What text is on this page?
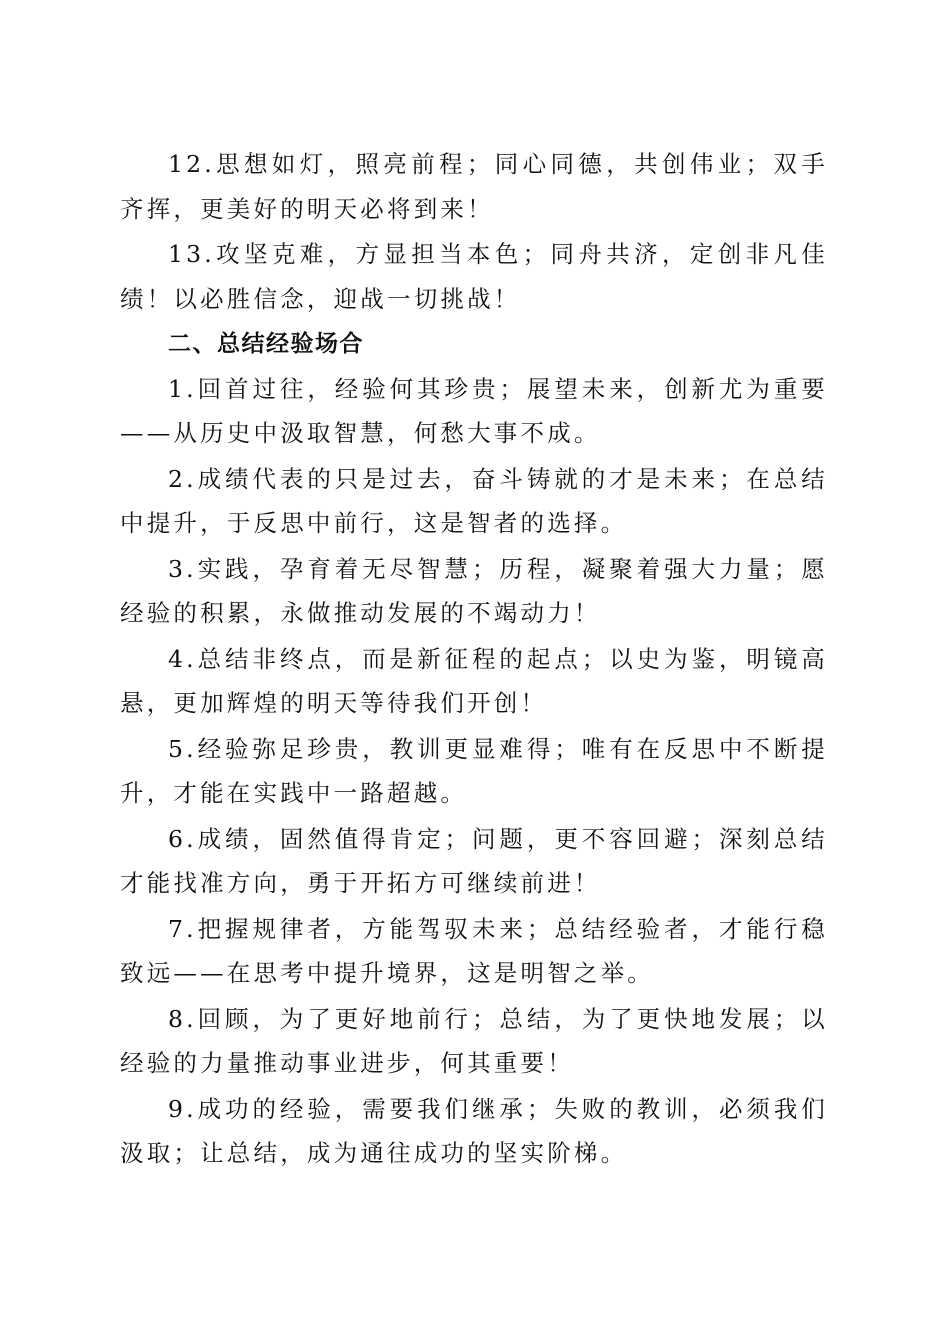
12.思想如灯，照亮前程；同心同德，共创伟业；双手齐挥，更美好的明天必将到来！

13.攻坚克难，方显担当本色；同舟共济，定创非凡佳绩！以必胜信念，迎战一切挑战！

二、总结经验场合

1.回首过往，经验何其珍贵；展望未来，创新尤为重要——从历史中汲取智慧，何愁大事不成。

2.成绩代表的只是过去，奋斗铸就的才是未来；在总结中提升，于反思中前行，这是智者的选择。

3.实践，孕育着无尽智慧；历程，凝聚着强大力量；愿经验的积累，永做推动发展的不竭动力！

4.总结非终点，而是新征程的起点；以史为鉴，明镜高悬，更加辉煌的明天等待我们开创！

5.经验弥足珍贵，教训更显难得；唯有在反思中不断提升，才能在实践中一路超越。

6.成绩，固然值得肯定；问题，更不容回避；深刻总结才能找准方向，勇于开拓方可继续前进！

7.把握规律者，方能驾驭未来；总结经验者，才能行稳致远——在思考中提升境界，这是明智之举。

8.回顾，为了更好地前行；总结，为了更快地发展；以经验的力量推动事业进步，何其重要！

9.成功的经验，需要我们继承；失败的教训，必须我们汲取；让总结，成为通往成功的坚实阶梯。
